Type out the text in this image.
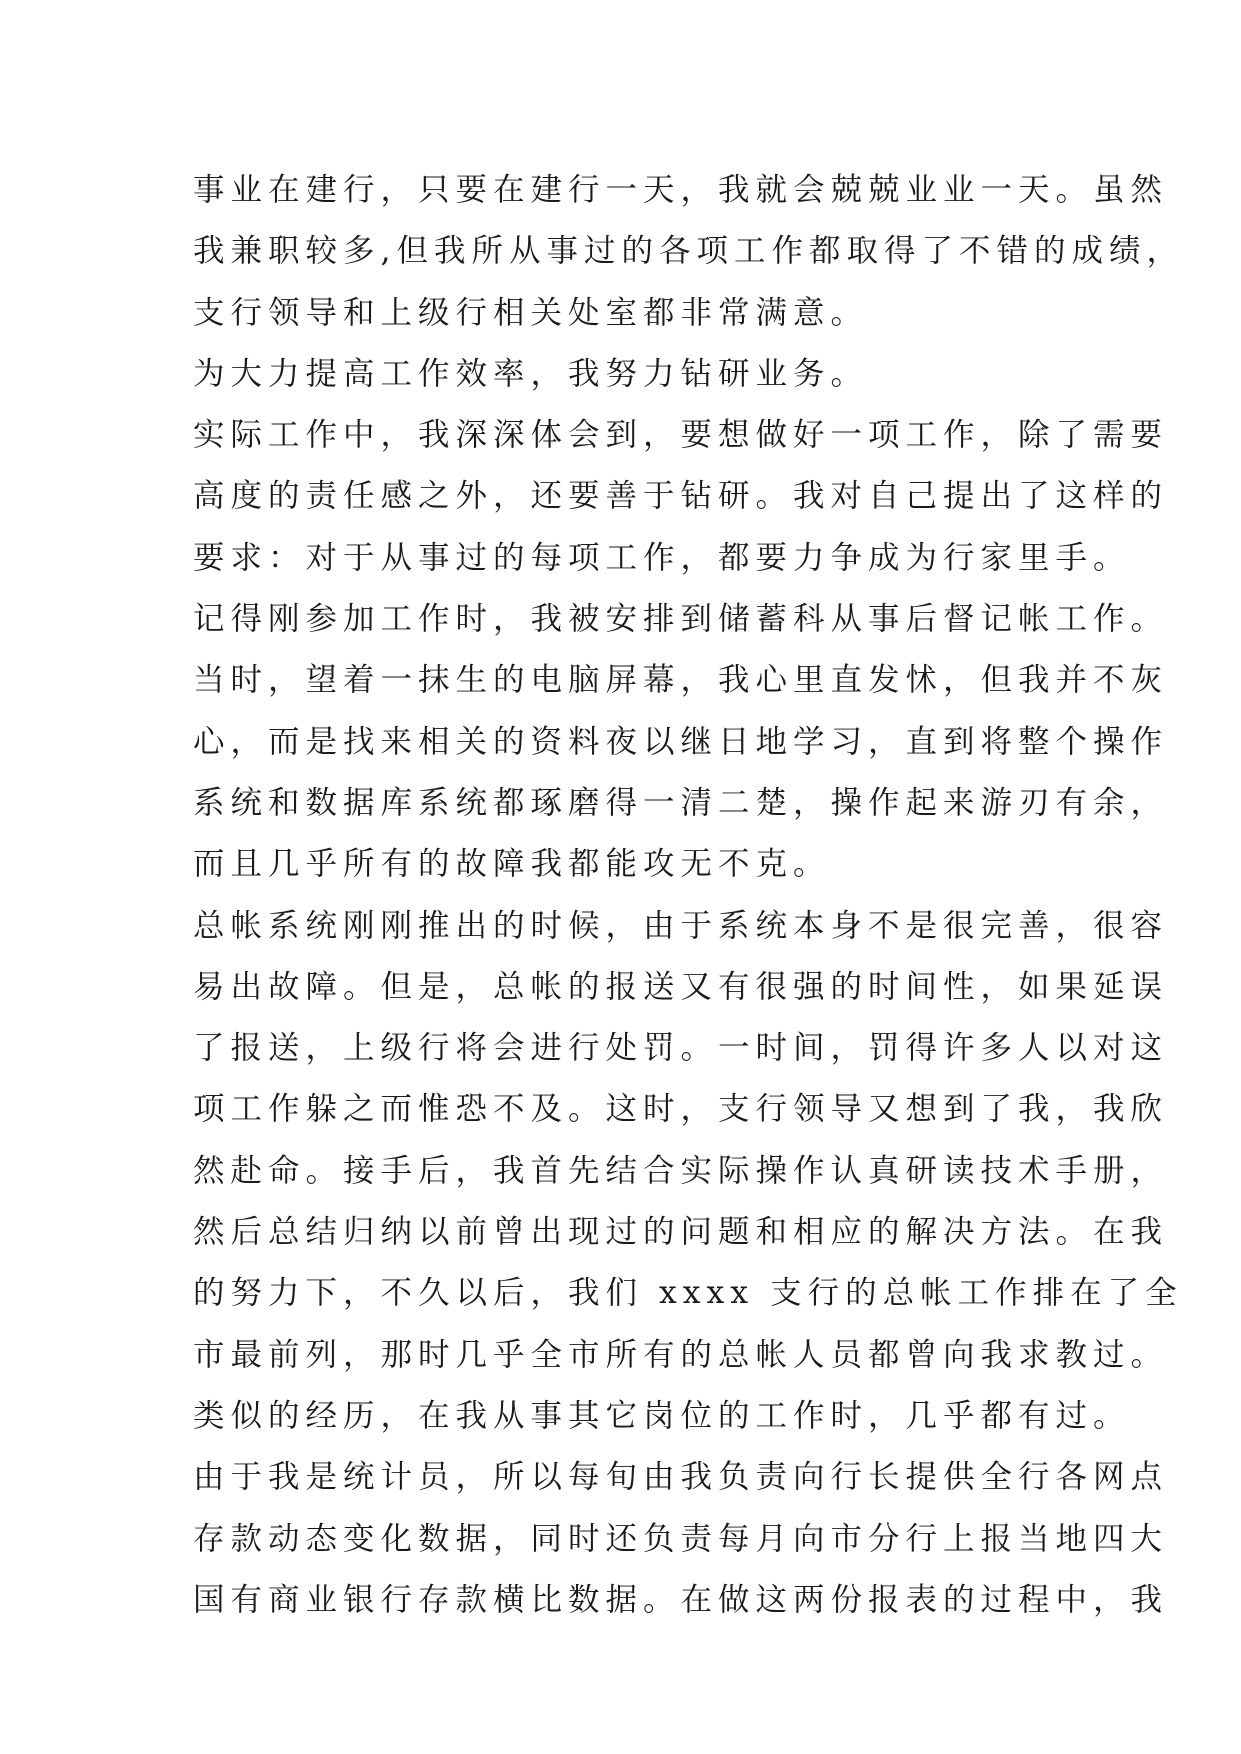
事业在建行，只要在建行一天，我就会兢兢业业一天。虽然
我兼职较多,但我所从事过的各项工作都取得了不错的成绩，
支行领导和上级行相关处室都非常满意。
为大力提高工作效率，我努力钻研业务。
实际工作中，我深深体会到，要想做好一项工作，除了需要
高度的责任感之外，还要善于钻研。我对自己提出了这样的
要求：对于从事过的每项工作，都要力争成为行家里手。
记得刚参加工作时，我被安排到储蓄科从事后督记帐工作。
当时，望着一抹生的电脑屏幕，我心里直发怵，但我并不灰
心，而是找来相关的资料夜以继日地学习，直到将整个操作
系统和数据库系统都琢磨得一清二楚，操作起来游刃有余，
而且几乎所有的故障我都能攻无不克。
总帐系统刚刚推出的时候，由于系统本身不是很完善，很容
易出故障。但是，总帐的报送又有很强的时间性，如果延误
了报送，上级行将会进行处罚。一时间，罚得许多人以对这
项工作躲之而惟恐不及。这时，支行领导又想到了我，我欣
然赴命。接手后，我首先结合实际操作认真研读技术手册，
然后总结归纳以前曾出现过的问题和相应的解决方法。在我
的努力下，不久以后，我们 xxxx 支行的总帐工作排在了全
市最前列，那时几乎全市所有的总帐人员都曾向我求教过。
类似的经历，在我从事其它岗位的工作时，几乎都有过。
由于我是统计员，所以每旬由我负责向行长提供全行各网点
存款动态变化数据，同时还负责每月向市分行上报当地四大
国有商业银行存款横比数据。在做这两份报表的过程中，我
